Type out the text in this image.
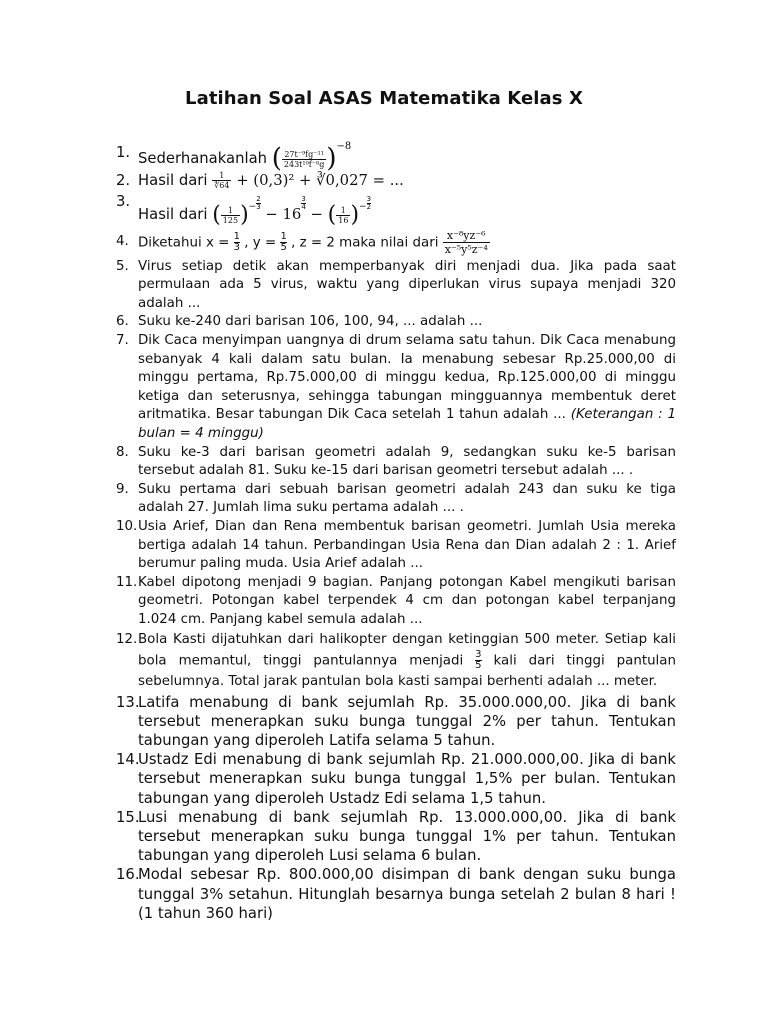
Latihan Soal ASAS Matematika Kelas X
1. Sederhanakanlah ( $\frac{\text{27t⁻⁹fg⁻¹¹}}{\text{243t¹⁰f⁻⁸g}} )^{-8}$
2. Hasil dari $\frac{1}{∜64} + (0,3)^2$ + ∛0,027 = ...
3.
Hasil dari ( $\frac{1}{125} )^- \frac{2}{3}$
− 16
$\frac{3}{4}$
− ( $\frac{1}{16} )^- \frac{3}{2}$
4. Diketahui $x = \frac{1}{3}$ , $y = \frac{1}{5}$ , z = 2 maka nilai dari $\frac{\text{x⁻⁸yz⁻⁶}}{\text{x⁻⁵y⁵z⁻⁴}}$
5. Virus setiap detik akan memperbanyak diri menjadi dua. Jika pada saat permulaan ada 5 virus, waktu yang diperlukan virus supaya menjadi 320 adalah ...
6. Suku ke-240 dari barisan 106, 100, 94, ... adalah ...
7. Dik Caca menyimpan uangnya di drum selama satu tahun. Dik Caca menabung sebanyak 4 kali dalam satu bulan. Ia menabung sebesar Rp.25.000,00 di minggu pertama, Rp.75.000,00 di minggu kedua, Rp.125.000,00 di minggu ketiga dan seterusnya, sehingga tabungan mingguannya membentuk deret aritmatika. Besar tabungan Dik Caca setelah 1 tahun adalah ... (Keterangan : 1 bulan = 4 minggu)
8. Suku ke-3 dari barisan geometri adalah 9, sedangkan suku ke-5 barisan tersebut adalah 81. Suku ke-15 dari barisan geometri tersebut adalah ... .
9. Suku pertama dari sebuah barisan geometri adalah 243 dan suku ke tiga adalah 27. Jumlah lima suku pertama adalah ... .
10. Usia Arief, Dian dan Rena membentuk barisan geometri. Jumlah Usia mereka bertiga adalah 14 tahun. Perbandingan Usia Rena dan Dian adalah 2 : 1. Arief berumur paling muda. Usia Arief adalah ...
11. Kabel dipotong menjadi 9 bagian. Panjang potongan Kabel mengikuti barisan geometri. Potongan kabel terpendek 4 cm dan potongan kabel terpanjang 1.024 cm. Panjang kabel semula adalah ...
12. Bola Kasti dijatuhkan dari halikopter dengan ketinggian 500 meter. Setiap kali bola memantul, tinggi pantulannya menjadi $\frac{3}{5}$ kali dari tinggi pantulan sebelumnya. Total jarak pantulan bola kasti sampai berhenti adalah ... meter.
13.
Latifa menabung di bank sejumlah Rp. 35.000.000,00. Jika di bank tersebut menerapkan suku bunga tunggal 2% per tahun. Tentukan tabungan yang diperoleh Latifa selama 5 tahun.
14.
Ustadz Edi menabung di bank sejumlah Rp. 21.000.000,00. Jika di bank tersebut menerapkan suku bunga tunggal 1,5% per bulan. Tentukan tabungan yang diperoleh Ustadz Edi selama 1,5 tahun.
15.
Lusi menabung di bank sejumlah Rp. 13.000.000,00. Jika di bank tersebut menerapkan suku bunga tunggal 1% per tahun. Tentukan tabungan yang diperoleh Lusi selama 6 bulan.
16.
Modal sebesar Rp. 800.000,00 disimpan di bank dengan suku bunga tunggal 3% setahun. Hitunglah besarnya bunga setelah 2 bulan 8 hari ! (1 tahun 360 hari)
